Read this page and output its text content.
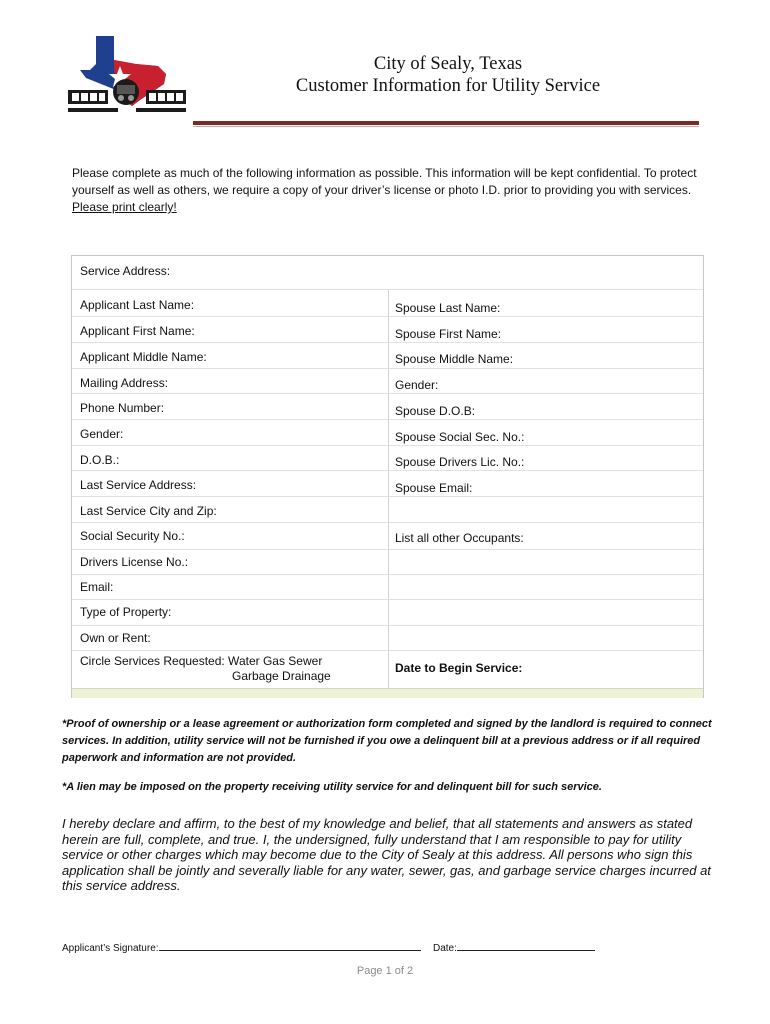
City of Sealy, Texas
Customer Information for Utility Service
Please complete as much of the following information as possible. This information will be kept confidential. To protect yourself as well as others, we require a copy of your driver’s license or photo I.D. prior to providing you with services. Please print clearly!
Service Address:
Applicant Last Name:
Applicant First Name:
Applicant Middle Name:
Mailing Address:
Phone Number:
Gender:
D.O.B.:
Last Service Address:
Last Service City and Zip:
Social Security No.:
Drivers License No.:
Email:
Type of Property:
Own or Rent:
Circle Services Requested: Water Gas Sewer
Garbage Drainage
Spouse Last Name:
Spouse First Name:
Spouse Middle Name:
Gender:
Spouse D.O.B:
Spouse Social Sec. No.:
Spouse Drivers Lic. No.:
Spouse Email:
List all other Occupants:
Date to Begin Service:
*Proof of ownership or a lease agreement or authorization form completed and signed by the landlord is required to connect services. In addition, utility service will not be furnished if you owe a delinquent bill at a previous address or if all required paperwork and information are not provided.
*A lien may be imposed on the property receiving utility service for and delinquent bill for such service.
I hereby declare and affirm, to the best of my knowledge and belief, that all statements and answers as stated herein are full, complete, and true. I, the undersigned, fully understand that I am responsible to pay for utility service or other charges which may become due to the City of Sealy at this address. All persons who sign this application shall be jointly and severally liable for any water, sewer, gas, and garbage service charges incurred at this service address.
Applicant’s Signature:	Date:
Page 1 of 2
